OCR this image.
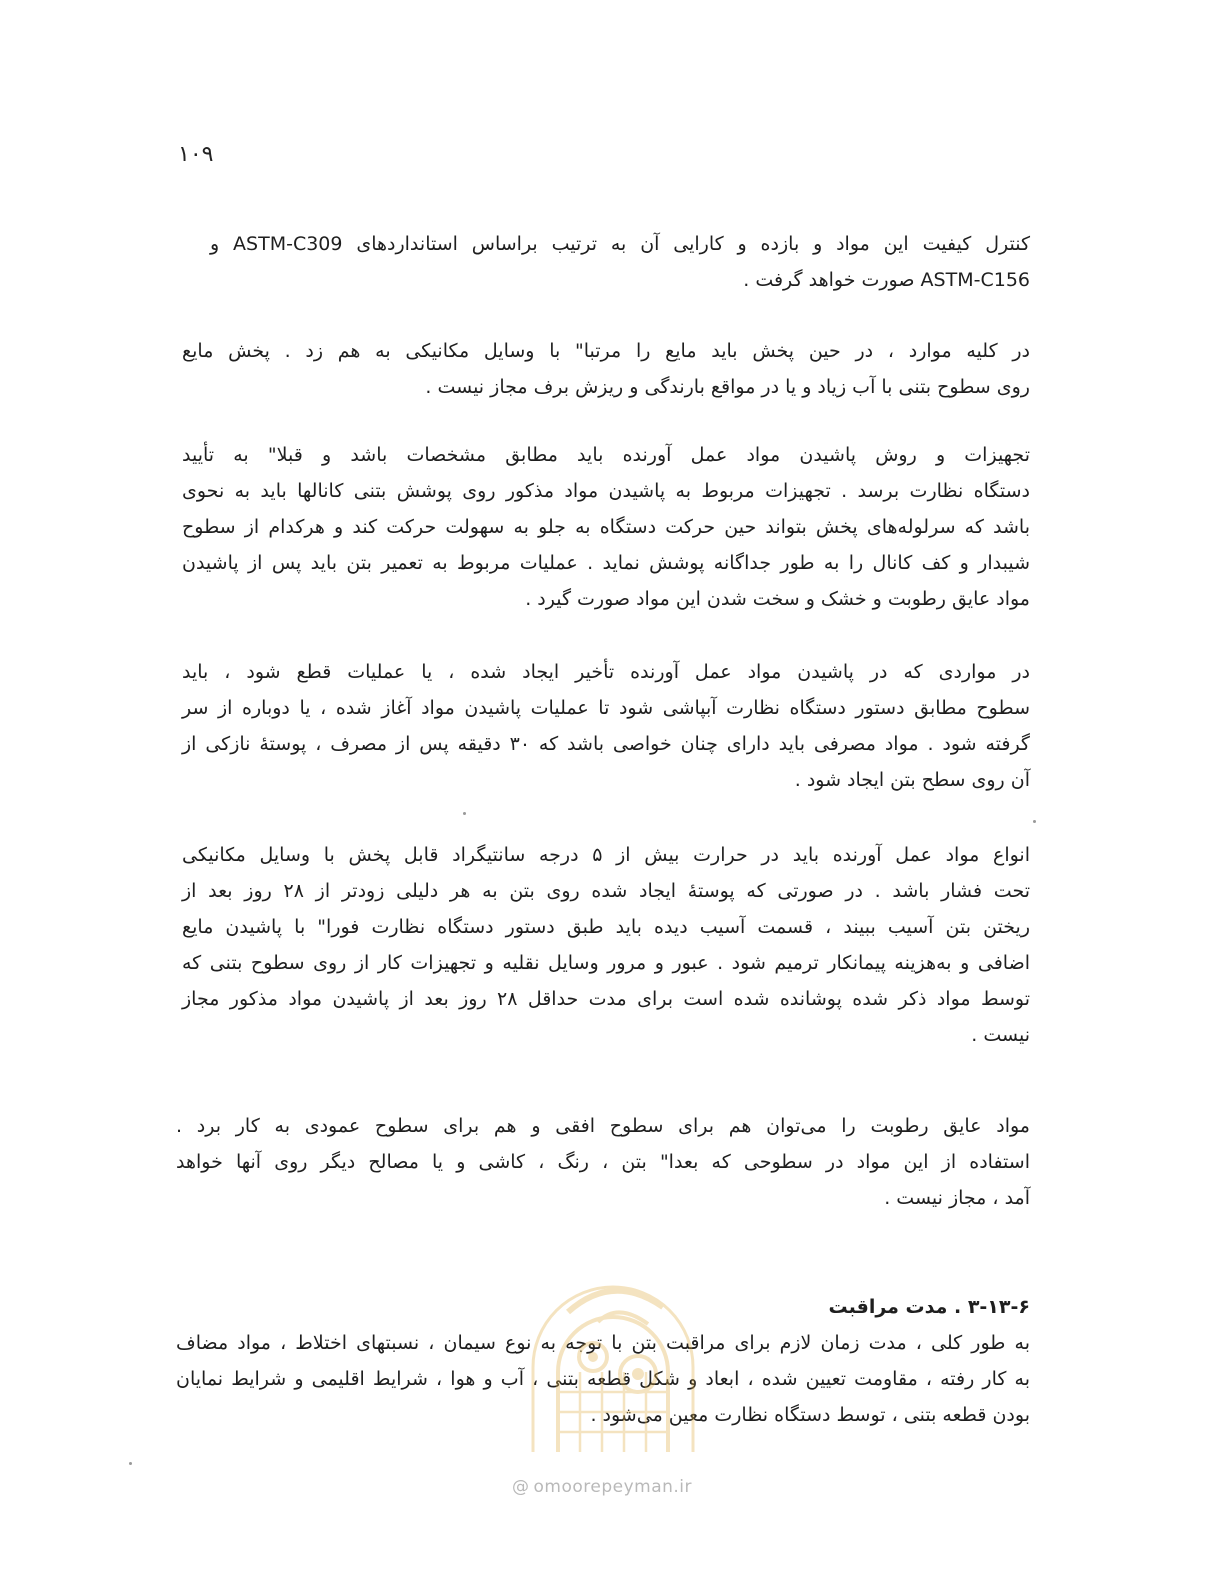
۱۰۹
کنترل کیفیت این مواد و بازده و کارایی آن به ترتیب براساس استانداردهای ASTM-C309 و
ASTM-C156 صورت خواهد گرفت .
در کلیه موارد ، در حین پخش باید مایع را مرتبا" با وسایل مکانیکی به هم زد . پخش مایع
روی سطوح بتنی با آب زیاد و یا در مواقع بارندگی و ریزش برف مجاز نیست .
تجهیزات و روش پاشیدن مواد عمل آورنده باید مطابق مشخصات باشد و قبلا" به تأیید
دستگاه نظارت برسد . تجهیزات مربوط به پاشیدن مواد مذکور روی پوشش بتنی کانالها باید به نحوی
باشد که سرلوله‌های پخش بتواند حین حرکت دستگاه به جلو به سهولت حرکت کند و هرکدام از سطوح
شیبدار و کف کانال را به طور جداگانه پوشش نماید . عملیات مربوط به تعمیر بتن باید پس از پاشیدن
مواد عایق رطوبت و خشک و سخت شدن این مواد صورت گیرد .
در مواردی که در پاشیدن مواد عمل آورنده تأخیر ایجاد شده ، یا عملیات قطع شود ، باید
سطوح مطابق دستور دستگاه نظارت آبپاشی شود تا عملیات پاشیدن مواد آغاز شده ، یا دوباره از سر
گرفته شود . مواد مصرفی باید دارای چنان خواصی باشد که ۳۰ دقیقه پس از مصرف ، پوستهٔ نازکی از
آن روی سطح بتن ایجاد شود .
انواع مواد عمل آورنده باید در حرارت بیش از ۵ درجه سانتیگراد قابل پخش با وسایل مکانیکی
تحت فشار باشد . در صورتی که پوستهٔ ایجاد شده روی بتن به هر دلیلی زودتر از ۲۸ روز بعد از
ریختن بتن آسیب ببیند ، قسمت آسیب دیده باید طبق دستور دستگاه نظارت فورا" با پاشیدن مایع
اضافی و به‌هزینه پیمانکار ترمیم شود . عبور و مرور وسایل نقلیه و تجهیزات کار از روی سطوح بتنی که
توسط مواد ذکر شده پوشانده شده است برای مدت حداقل ۲۸ روز بعد از پاشیدن مواد مذکور مجاز
نیست .
مواد عایق رطوبت را می‌توان هم برای سطوح افقی و هم برای سطوح عمودی به کار برد .
استفاده از این مواد در سطوحی که بعدا" بتن ، رنگ ، کاشی و یا مصالح دیگر روی آنها خواهد
آمد ، مجاز نیست .
۳-۱۳-۶ . مدت مراقبت
به طور کلی ، مدت زمان لازم برای مراقبت بتن با توجه به نوع سیمان ، نسبتهای اختلاط ، مواد مضاف
به کار رفته ، مقاومت تعیین شده ، ابعاد و شکل قطعه بتنی ، آب و هوا ، شرایط اقلیمی و شرایط نمایان
بودن قطعه بتنی ، توسط دستگاه نظارت معین می‌شود .
@ omoorepeyman.ir
